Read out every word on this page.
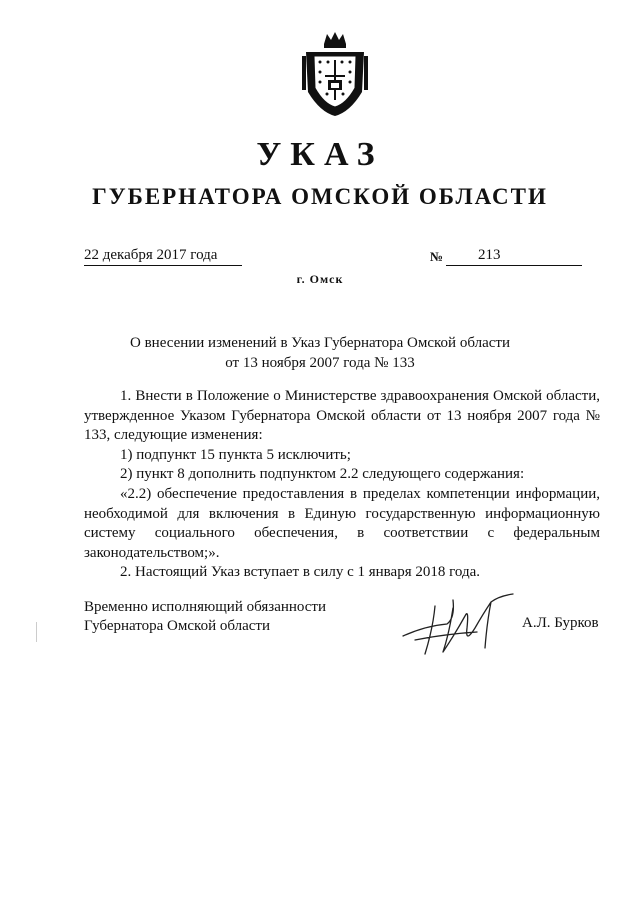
УКАЗ
ГУБЕРНАТОРА ОМСКОЙ ОБЛАСТИ
22 декабря 2017 года	№ 213
г. Омск
О внесении изменений в Указ Губернатора Омской области
от 13 ноября 2007 года № 133

1. Внести в Положение о Министерстве здравоохранения Омской области, утвержденное Указом Губернатора Омской области от 13 ноября 2007 года № 133, следующие изменения:

1) подпункт 15 пункта 5 исключить;

2) пункт 8 дополнить подпунктом 2.2 следующего содержания:

«2.2) обеспечение предоставления в пределах компетенции информации, необходимой для включения в Единую государственную информационную систему социального обеспечения, в соответствии с федеральным законодательством;».

2. Настоящий Указ вступает в силу с 1 января 2018 года.

Временно исполняющий обязанности
Губернатора Омской области	А.Л. Бурков
